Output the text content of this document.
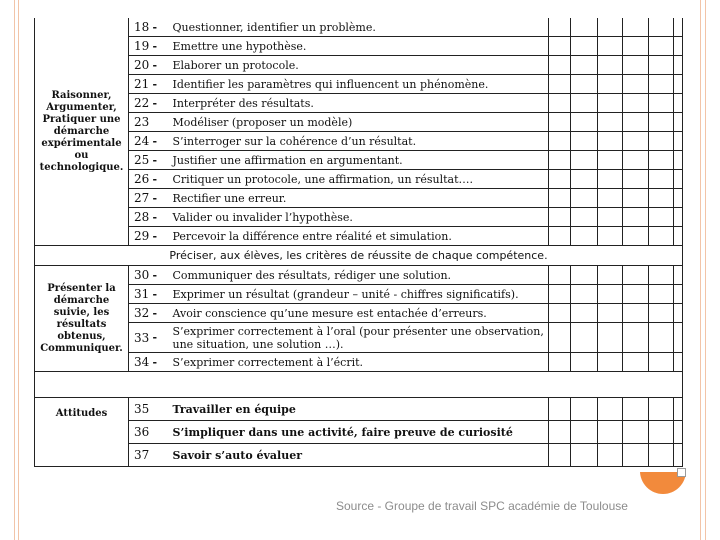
Raisonner, Argumenter, Pratiquer une démarche expérimentale ou technologique.	18	-	Questionner, identifier un problème.						
	19	-	Emettre une hypothèse.						
	20	-	Elaborer un protocole.						
	21	-	Identifier les paramètres qui influencent un phénomène.						
	22	-	Interpréter des résultats.						
	23		Modéliser (proposer un modèle)						
	24	-	S’interroger sur la cohérence d’un résultat.						
	25	-	Justifier une affirmation en argumentant.						
	26	-	Critiquer un protocole, une affirmation, un résultat….						
	27	-	Rectifier une erreur.						
	28	-	Valider ou invalider l’hypothèse.						
	29	-	Percevoir la différence entre réalité et simulation.						
Préciser, aux élèves, les critères de réussite de chaque compétence.									
Présenter la démarche suivie, les résultats obtenus, Communiquer.	30	-	Communiquer des résultats, rédiger une solution.						
	31	-	Exprimer un résultat (grandeur – unité - chiffres significatifs).						
	32	-	Avoir conscience qu’une mesure est entachée d’erreurs.						
	33	-	S’exprimer correctement à l’oral (pour présenter une observation, une situation, une solution …).						
	34	-	S’exprimer correctement à l’écrit.						

Attitudes	35		Travailler en équipe						
	36		S’impliquer dans une activité, faire preuve de curiosité						
	37		Savoir s’auto évaluer						
Source - Groupe de travail SPC académie de Toulouse
